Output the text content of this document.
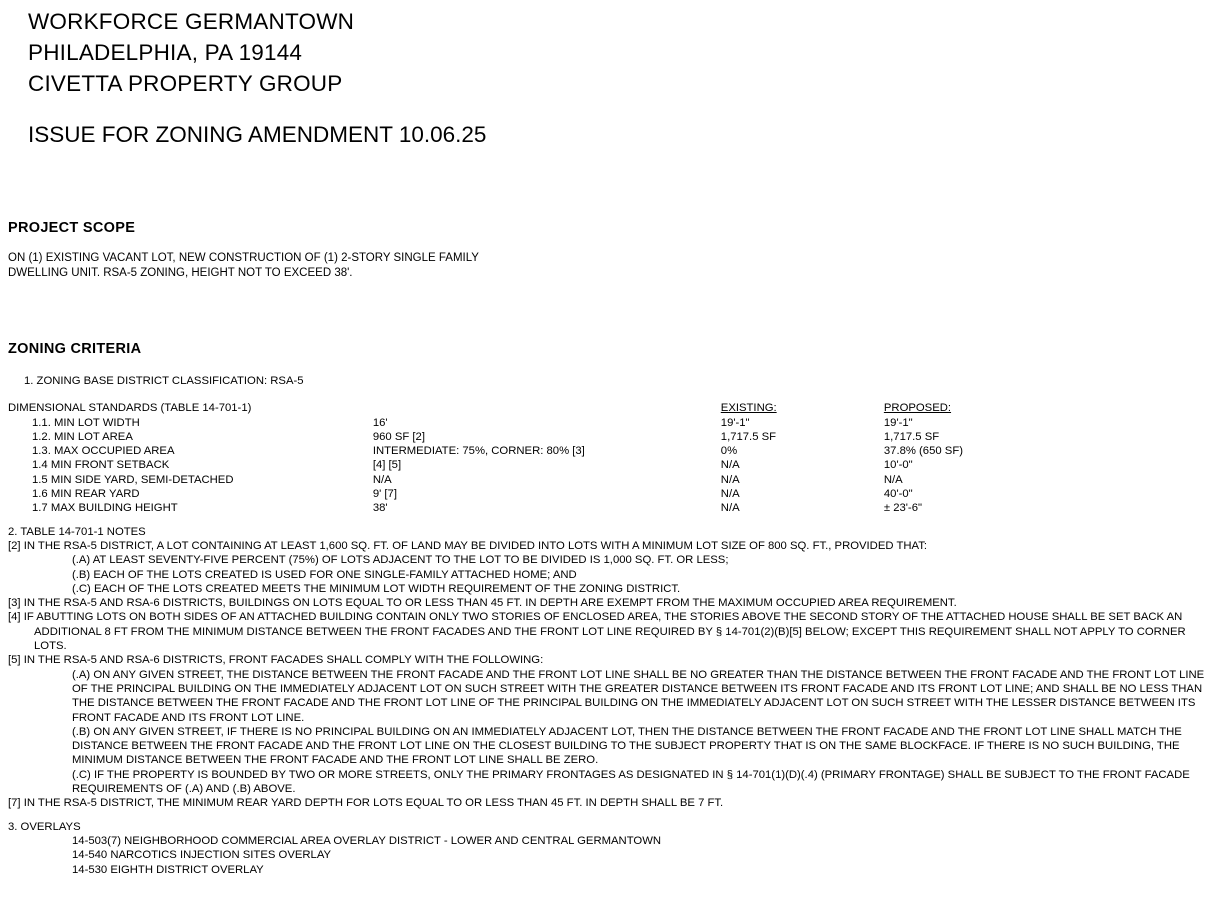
WORKFORCE GERMANTOWN
PHILADELPHIA, PA 19144
CIVETTA PROPERTY GROUP
ISSUE FOR ZONING AMENDMENT 10.06.25
PROJECT SCOPE
ON (1) EXISTING VACANT LOT, NEW CONSTRUCTION OF (1) 2-STORY SINGLE FAMILY
DWELLING UNIT. RSA-5 ZONING, HEIGHT NOT TO EXCEED 38'.
ZONING CRITERIA
1. ZONING BASE DISTRICT CLASSIFICATION: RSA-5
DIMENSIONAL STANDARDS (TABLE 14-701-1)		EXISTING:	PROPOSED:
1.1. MIN LOT WIDTH	16'	19'-1"	19'-1"
1.2. MIN LOT AREA	960 SF [2]	1,717.5 SF	1,717.5 SF
1.3. MAX OCCUPIED AREA	INTERMEDIATE: 75%, CORNER: 80% [3]	0%	37.8% (650 SF)
1.4 MIN FRONT SETBACK	[4] [5]	N/A	10'-0"
1.5 MIN SIDE YARD, SEMI-DETACHED	N/A	N/A	N/A
1.6 MIN REAR YARD	9' [7]	N/A	40'-0"
1.7 MAX BUILDING HEIGHT	38'	N/A	± 23'-6"
2. TABLE 14-701-1 NOTES
[2] IN THE RSA-5 DISTRICT, A LOT CONTAINING AT LEAST 1,600 SQ. FT. OF LAND MAY BE DIVIDED INTO LOTS WITH A MINIMUM LOT SIZE OF 800 SQ. FT., PROVIDED THAT:
(.A) AT LEAST SEVENTY-FIVE PERCENT (75%) OF LOTS ADJACENT TO THE LOT TO BE DIVIDED IS 1,000 SQ. FT. OR LESS;
(.B) EACH OF THE LOTS CREATED IS USED FOR ONE SINGLE-FAMILY ATTACHED HOME; AND
(.C) EACH OF THE LOTS CREATED MEETS THE MINIMUM LOT WIDTH REQUIREMENT OF THE ZONING DISTRICT.
[3] IN THE RSA-5 AND RSA-6 DISTRICTS, BUILDINGS ON LOTS EQUAL TO OR LESS THAN 45 FT. IN DEPTH ARE EXEMPT FROM THE MAXIMUM OCCUPIED AREA REQUIREMENT.
[4] IF ABUTTING LOTS ON BOTH SIDES OF AN ATTACHED BUILDING CONTAIN ONLY TWO STORIES OF ENCLOSED AREA, THE STORIES ABOVE THE SECOND STORY OF THE ATTACHED HOUSE SHALL BE SET BACK AN ADDITIONAL 8 FT FROM THE MINIMUM DISTANCE BETWEEN THE FRONT FACADES AND THE FRONT LOT LINE REQUIRED BY § 14-701(2)(B)[5] BELOW; EXCEPT THIS REQUIREMENT SHALL NOT APPLY TO CORNER LOTS.
[5] IN THE RSA-5 AND RSA-6 DISTRICTS, FRONT FACADES SHALL COMPLY WITH THE FOLLOWING:
(.A) ON ANY GIVEN STREET, THE DISTANCE BETWEEN THE FRONT FACADE AND THE FRONT LOT LINE SHALL BE NO GREATER THAN THE DISTANCE BETWEEN THE FRONT FACADE AND THE FRONT LOT LINE OF THE PRINCIPAL BUILDING ON THE IMMEDIATELY ADJACENT LOT ON SUCH STREET WITH THE GREATER DISTANCE BETWEEN ITS FRONT FACADE AND ITS FRONT LOT LINE; AND SHALL BE NO LESS THAN THE DISTANCE BETWEEN THE FRONT FACADE AND THE FRONT LOT LINE OF THE PRINCIPAL BUILDING ON THE IMMEDIATELY ADJACENT LOT ON SUCH STREET WITH THE LESSER DISTANCE BETWEEN ITS FRONT FACADE AND ITS FRONT LOT LINE.
(.B) ON ANY GIVEN STREET, IF THERE IS NO PRINCIPAL BUILDING ON AN IMMEDIATELY ADJACENT LOT, THEN THE DISTANCE BETWEEN THE FRONT FACADE AND THE FRONT LOT LINE SHALL MATCH THE DISTANCE BETWEEN THE FRONT FACADE AND THE FRONT LOT LINE ON THE CLOSEST BUILDING TO THE SUBJECT PROPERTY THAT IS ON THE SAME BLOCKFACE. IF THERE IS NO SUCH BUILDING, THE MINIMUM DISTANCE BETWEEN THE FRONT FACADE AND THE FRONT LOT LINE SHALL BE ZERO.
(.C) IF THE PROPERTY IS BOUNDED BY TWO OR MORE STREETS, ONLY THE PRIMARY FRONTAGES AS DESIGNATED IN § 14-701(1)(D)(.4) (PRIMARY FRONTAGE) SHALL BE SUBJECT TO THE FRONT FACADE REQUIREMENTS OF (.A) AND (.B) ABOVE.
[7] IN THE RSA-5 DISTRICT, THE MINIMUM REAR YARD DEPTH FOR LOTS EQUAL TO OR LESS THAN 45 FT. IN DEPTH SHALL BE 7 FT.
3. OVERLAYS
14-503(7) NEIGHBORHOOD COMMERCIAL AREA OVERLAY DISTRICT - LOWER AND CENTRAL GERMANTOWN
14-540 NARCOTICS INJECTION SITES OVERLAY
14-530 EIGHTH DISTRICT OVERLAY
